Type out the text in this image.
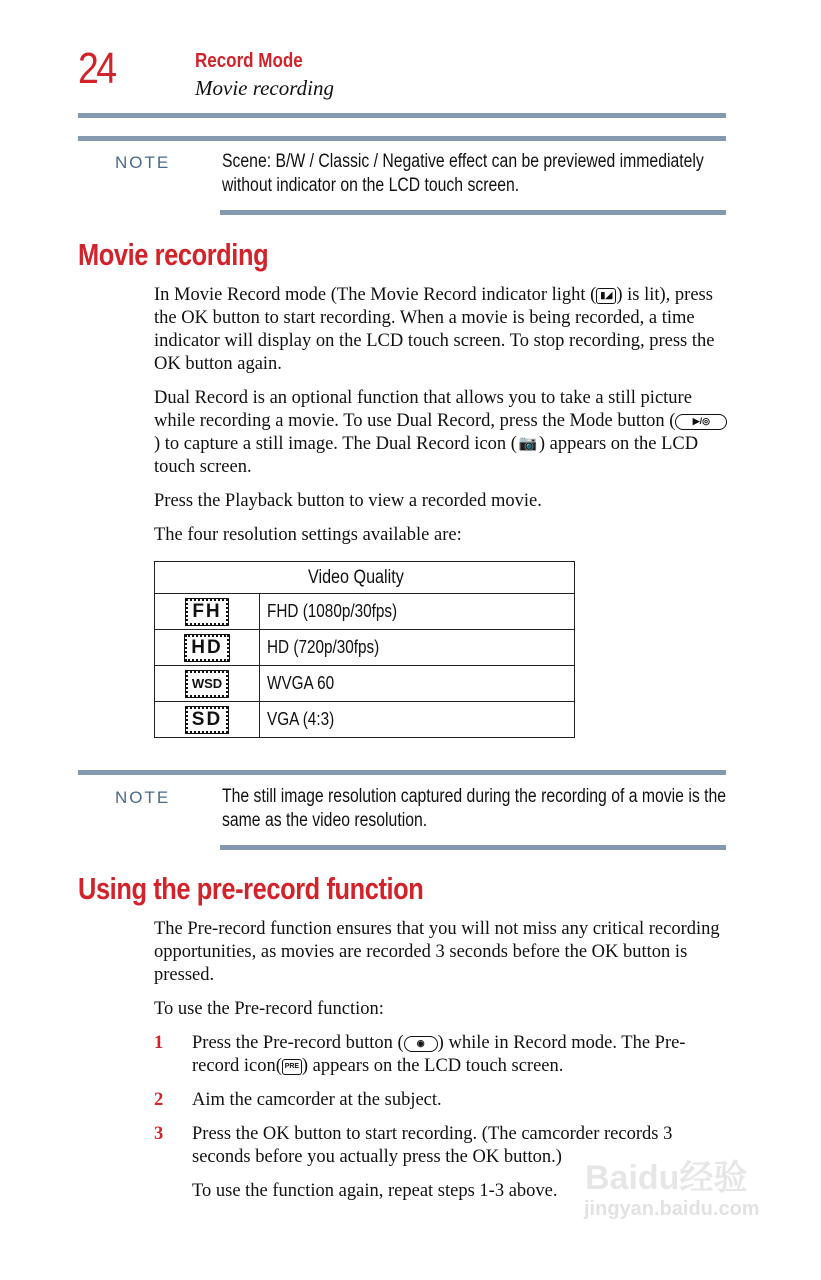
24	Record Mode
Movie recording
NOTE	Scene: B/W / Classic / Negative effect can be previewed immediately without indicator on the LCD touch screen.
Movie recording

In Movie Record mode (The Movie Record indicator light ( ▮◢ ) is lit), press the OK button to start recording. When a movie is being recorded, a time indicator will display on the LCD touch screen. To stop recording, press the OK button again.

Dual Record is an optional function that allows you to take a still picture while recording a movie. To use Dual Record, press the Mode button ( ▶/◎) to capture a still image. The Dual Record icon ( 📷) appears on the LCD touch screen.

Press the Playback button to view a recorded movie.

The four resolution settings available are:

Video Quality	
FH	FHD (1080p/30fps)
HD	HD (720p/30fps)
WSD	WVGA 60
SD	VGA (4:3)
NOTE	The still image resolution captured during the recording of a movie is the same as the video resolution.
Using the pre-record function

The Pre-record function ensures that you will not miss any critical recording opportunities, as movies are recorded 3 seconds before the OK button is pressed.

To use the Pre-record function:

1	Press the Pre-record button ( ◉ ) while in Record mode. The Pre-record icon( PRE ) appears on the LCD touch screen.
2	Aim the camcorder at the subject.
3	Press the OK button to start recording. (The camcorder records 3 seconds before you actually press the OK button.)
To use the function again, repeat steps 1-3 above. Baidu经验
jingyan.baidu.com
